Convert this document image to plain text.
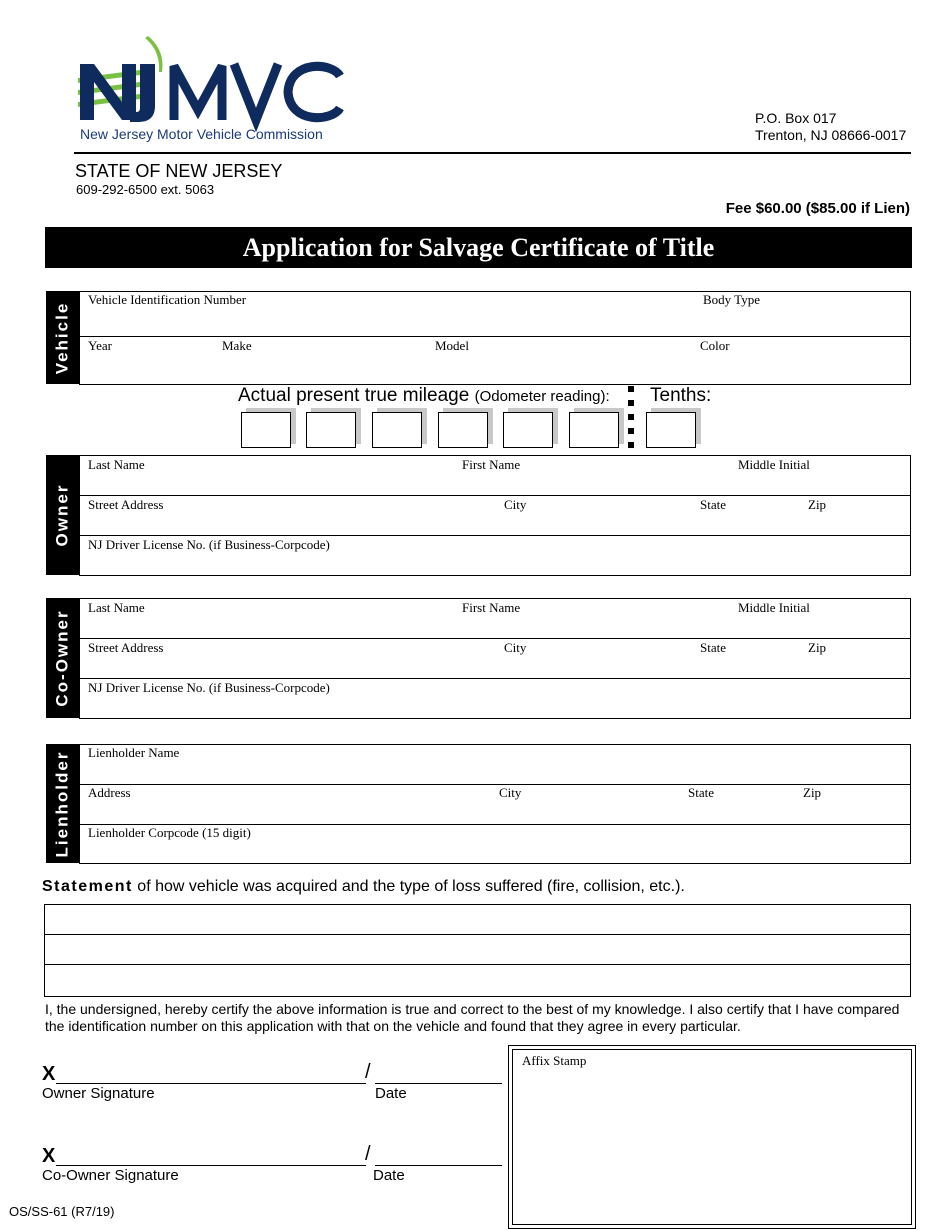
New Jersey Motor Vehicle Commission
P.O. Box 017
Trenton, NJ 08666-0017
STATE OF NEW JERSEY
609-292-6500 ext. 5063
Fee $60.00 ($85.00 if Lien)
Application for Salvage Certificate of Title
Vehicle
Vehicle Identification Number	Body Type
Year	Make	Model	Color
Actual present true mileage (Odometer reading): Tenths:
Owner
Last Name	First Name	Middle Initial
Street Address	City	State	Zip
NJ Driver License No. (if Business-Corpcode)
Co-Owner
Last Name	First Name	Middle Initial
Street Address	City	State	Zip
NJ Driver License No. (if Business-Corpcode)
Lienholder Lienholder Name
Address	City	State	Zip
Lienholder Corpcode (15 digit)
Statement of how vehicle was acquired and the type of loss suffered (fire, collision, etc.).
I, the undersigned, hereby certify the above information is true and correct to the best of my knowledge. I also certify that I have compared the identification number on this application with that on the vehicle and found that they agree in every particular.
X	/
Owner Signature	Date
X	/
Co-Owner Signature	Date
Affix Stamp
OS/SS-61 (R7/19)
